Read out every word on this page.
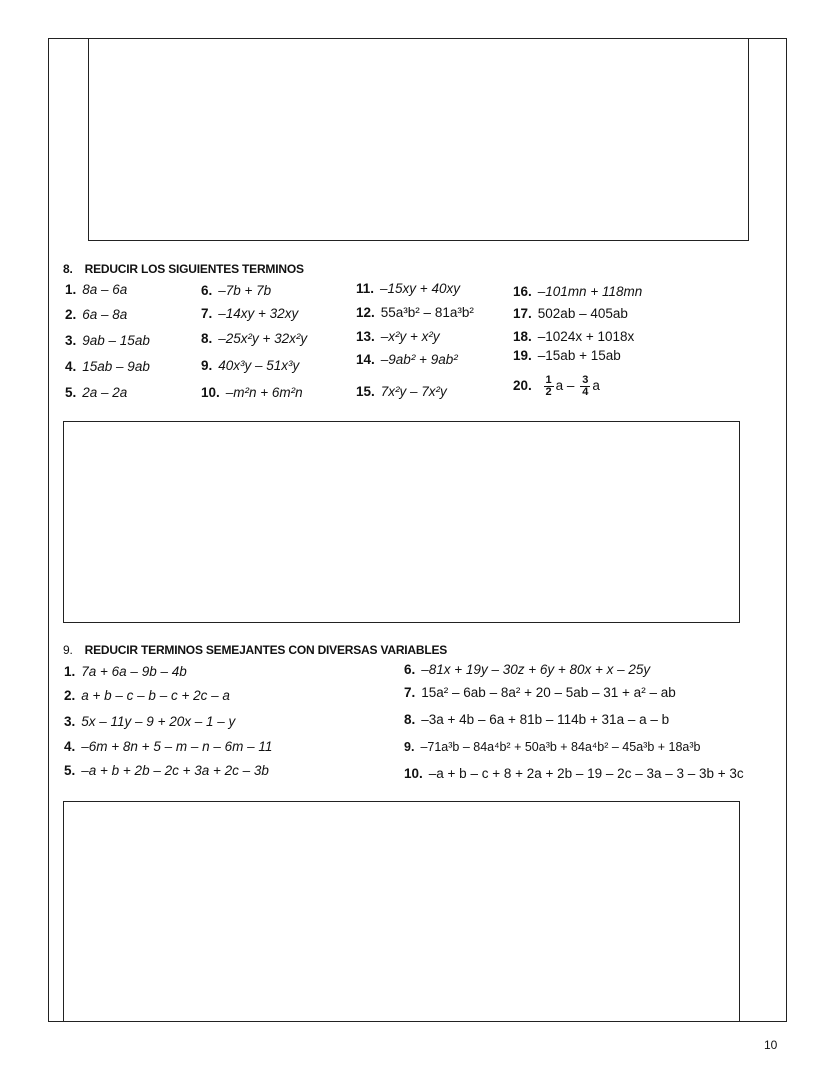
8. REDUCIR LOS SIGUIENTES TERMINOS
1. 8a – 6a
2. 6a – 8a
3. 9ab – 15ab
4. 15ab – 9ab
5. 2a – 2a
6. –7b + 7b
7. –14xy + 32xy
8. –25x²y + 32x²y
9. 40x³y – 51x³y
10. –m²n + 6m²n
11. –15xy + 40xy
12. 55a³b² – 81a³b²
13. –x²y + x²y
14. –9ab² + 9ab²
15. 7x²y – 7x²y
16. –101mn + 118mn
17. 502ab – 405ab
18. –1024x + 1018x
19. –15ab + 15ab
20. $\frac{1}{2}$ a – $\frac{3}{4}$ a
9. REDUCIR TERMINOS SEMEJANTES CON DIVERSAS VARIABLES
1. 7a + 6a – 9b – 4b
2. a + b – c – b – c + 2c – a
3. 5x – 11y – 9 + 20x – 1 – y
4. –6m + 8n + 5 – m – n – 6m – 11
5. –a + b + 2b – 2c + 3a + 2c – 3b
6. –81x + 19y – 30z + 6y + 80x + x – 25y
7. 15a² – 6ab – 8a² + 20 – 5ab – 31 + a² – ab
8. –3a + 4b – 6a + 81b – 114b + 31a – a – b
9. –71a³b – 84a⁴b² + 50a³b + 84a⁴b² – 45a³b + 18a³b
10. –a + b – c + 8 + 2a + 2b – 19 – 2c – 3a – 3 – 3b + 3c
10
